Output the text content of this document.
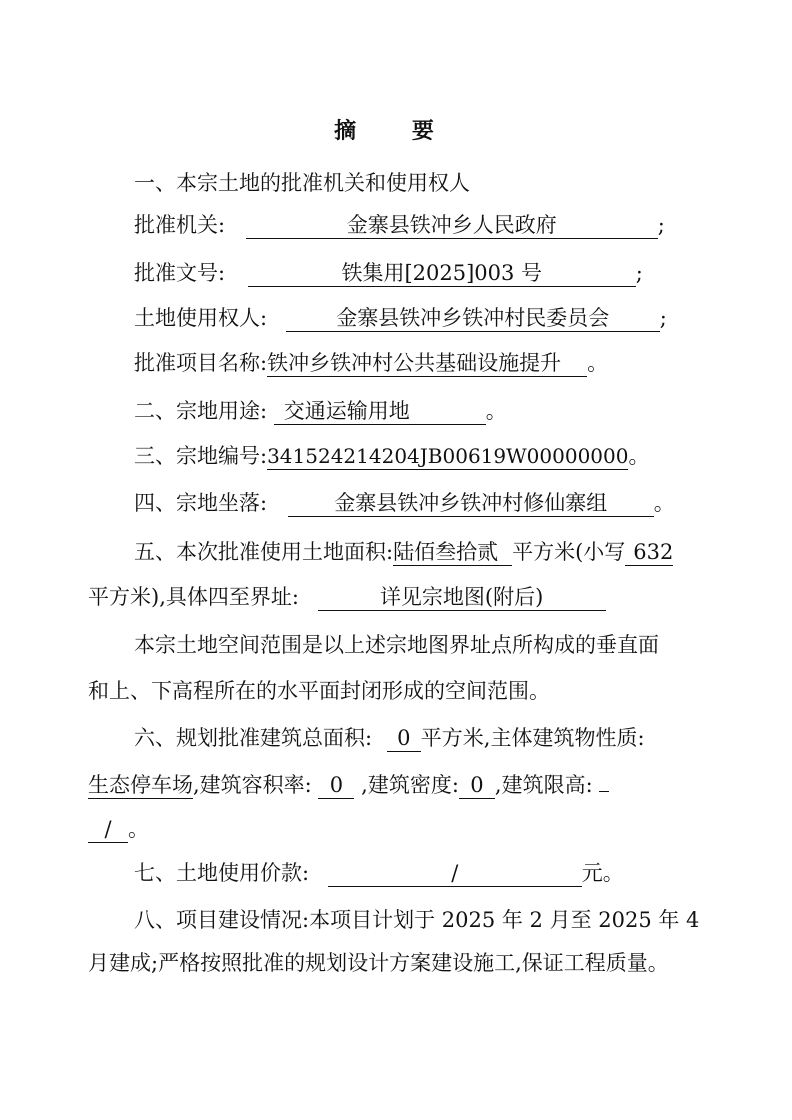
摘 要
一、本宗土地的批准机关和使用权人
批准机关:	金寨县铁冲乡人民政府	;
批准文号:	铁集用[2025]003 号	;
土地使用权人:	金寨县铁冲乡铁冲村民委员会 ;
批准项目名称:铁冲乡铁冲村公共基础设施提升 。
二、宗地用途: 交通运输用地	。
三、宗地编号:341524214204JB00619W00000000。
四、宗地坐落:	金寨县铁冲乡铁冲村修仙寨组 。
五、本次批准使用土地面积:陆佰叁拾贰 平方米(小写 632
平方米),具体四至界址:	详见宗地图(附后)
本宗土地空间范围是以上述宗地图界址点所构成的垂直面
和上、下高程所在的水平面封闭形成的空间范围。
六、规划批准建筑总面积: 0 平方米,主体建筑物性质:
生态停车场,建筑容积率: 0 ,建筑密度: 0 ,建筑限高:
/ 。
七、土地使用价款:	/	元。
八、项目建设情况:本项目计划于 2025 年 2 月至 2025 年 4
月建成;严格按照批准的规划设计方案建设施工,保证工程质量。
